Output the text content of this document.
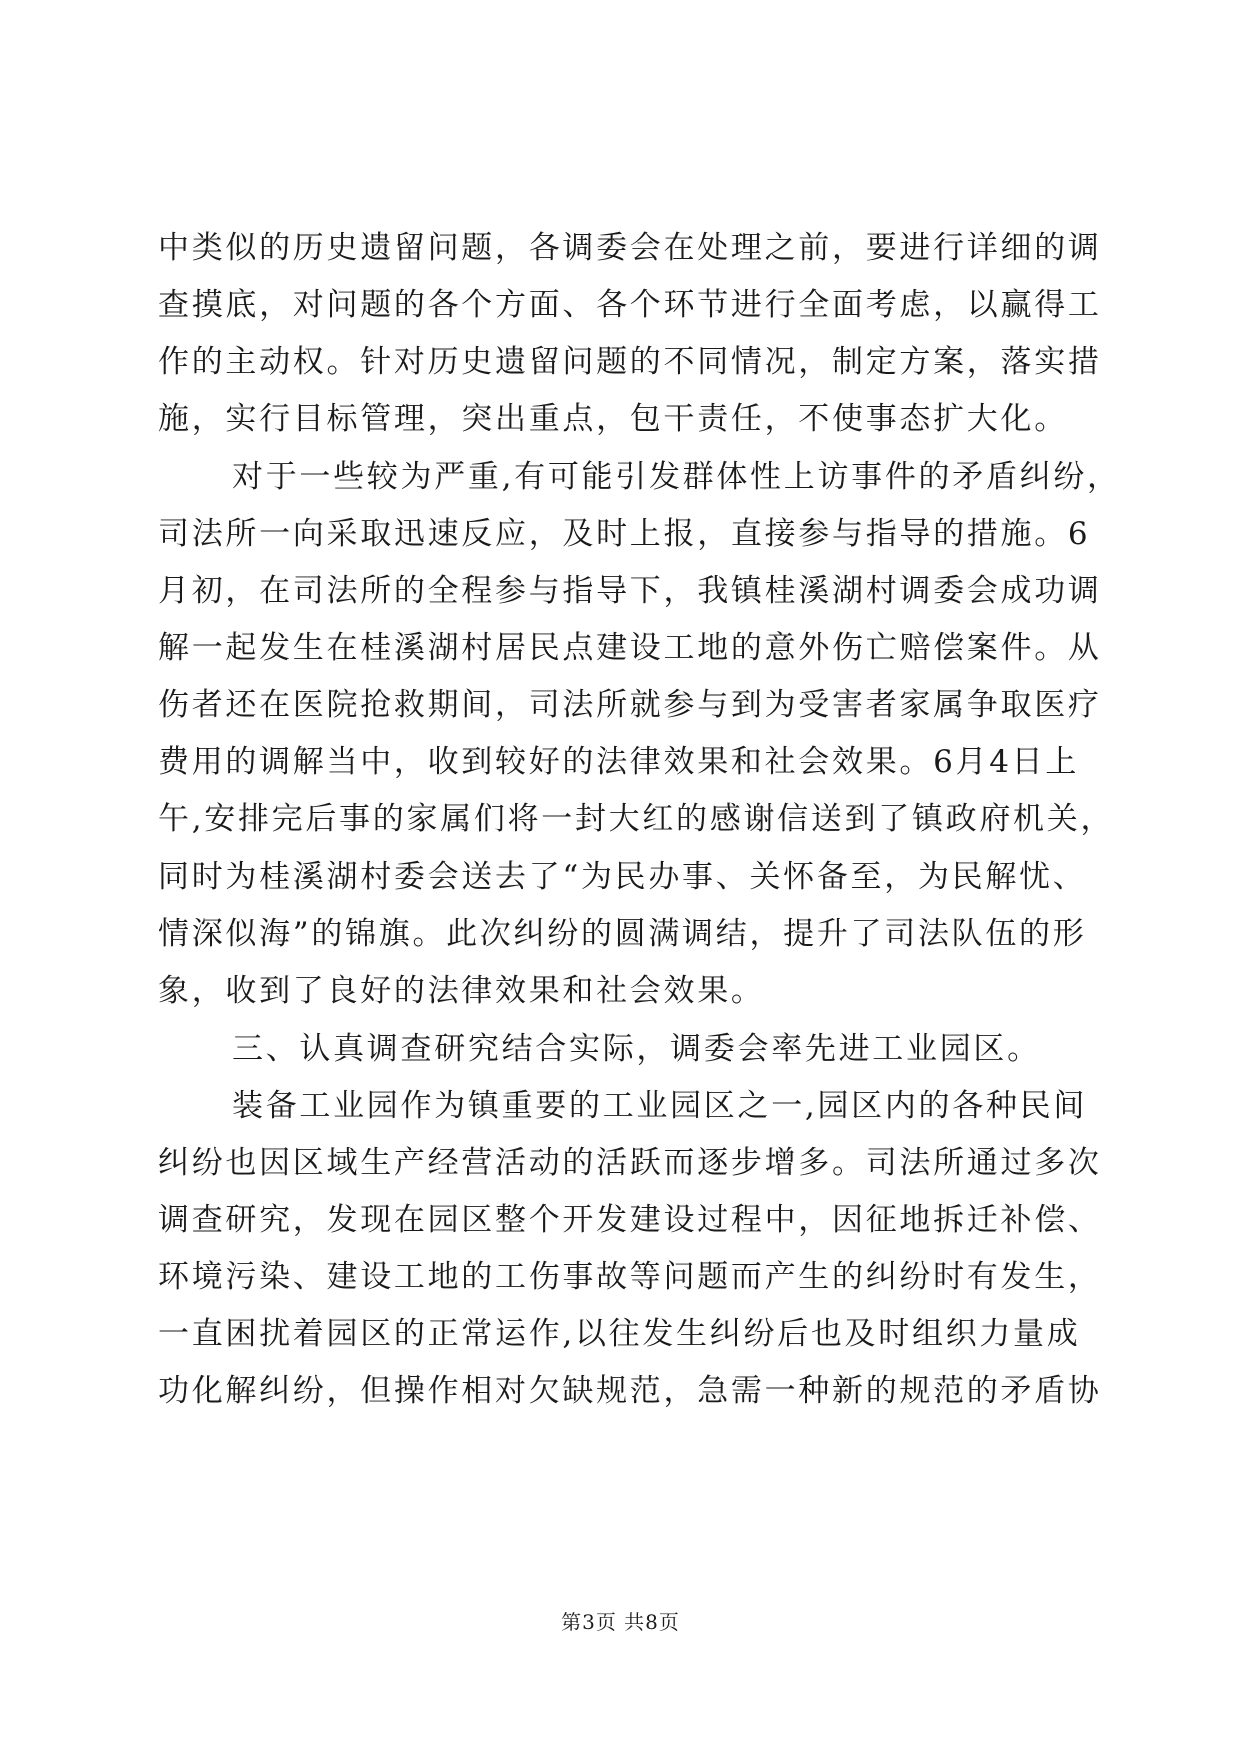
中类似的历史遗留问题，各调委会在处理之前，要进行详细的调
查摸底，对问题的各个方面、各个环节进行全面考虑，以赢得工
作的主动权。针对历史遗留问题的不同情况，制定方案，落实措
施，实行目标管理，突出重点，包干责任，不使事态扩大化。
对于一些较为严重,有可能引发群体性上访事件的矛盾纠纷，
司法所一向采取迅速反应，及时上报，直接参与指导的措施。6
月初，在司法所的全程参与指导下，我镇桂溪湖村调委会成功调
解一起发生在桂溪湖村居民点建设工地的意外伤亡赔偿案件。从
伤者还在医院抢救期间，司法所就参与到为受害者家属争取医疗
费用的调解当中，收到较好的法律效果和社会效果。6月4日上
午,安排完后事的家属们将一封大红的感谢信送到了镇政府机关，
同时为桂溪湖村委会送去了“为民办事、关怀备至，为民解忧、
情深似海”的锦旗。此次纠纷的圆满调结，提升了司法队伍的形
象，收到了良好的法律效果和社会效果。
三、认真调查研究结合实际，调委会率先进工业园区。
装备工业园作为镇重要的工业园区之一,园区内的各种民间
纠纷也因区域生产经营活动的活跃而逐步增多。司法所通过多次
调查研究，发现在园区整个开发建设过程中，因征地拆迁补偿、
环境污染、建设工地的工伤事故等问题而产生的纠纷时有发生，
一直困扰着园区的正常运作,以往发生纠纷后也及时组织力量成
功化解纠纷，但操作相对欠缺规范，急需一种新的规范的矛盾协
第3页 共8页
